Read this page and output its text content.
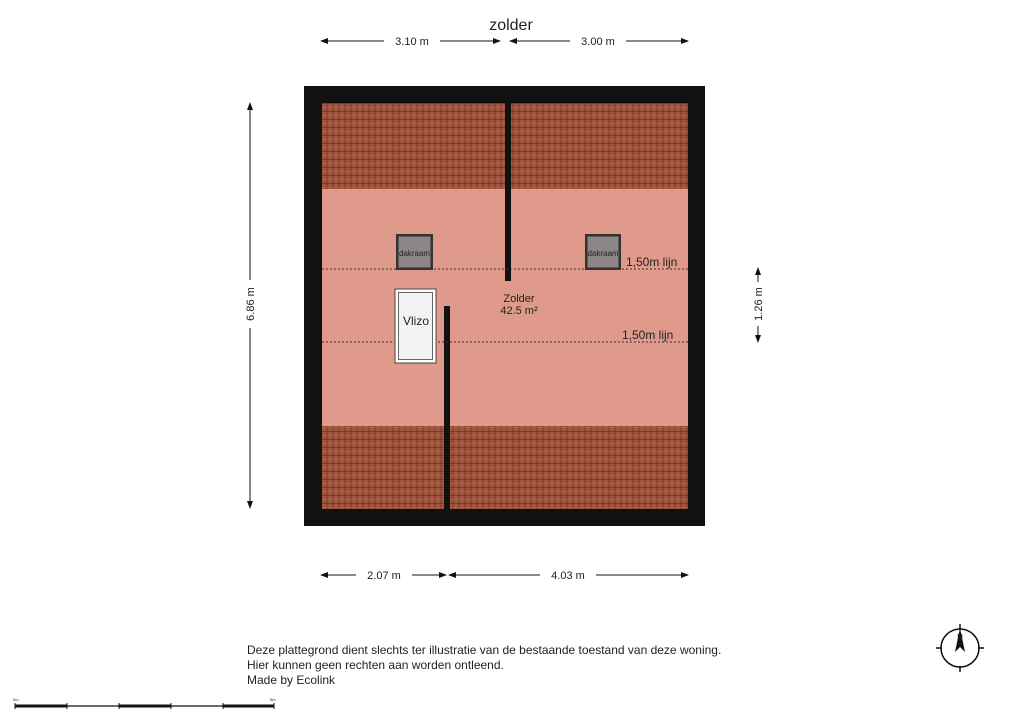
zolder
3.10 m	3.00 m
6.86 m	1.26 m
1,50m lijn
1,50m lijn
dakraam	dakraam
Vlizo
Zolder
42.5 m²
2.07 m	4.03 m
N
0m	5m
Deze plattegrond dient slechts ter illustratie van de bestaande toestand van deze woning.
Hier kunnen geen rechten aan worden ontleend.
Made by Ecolink
